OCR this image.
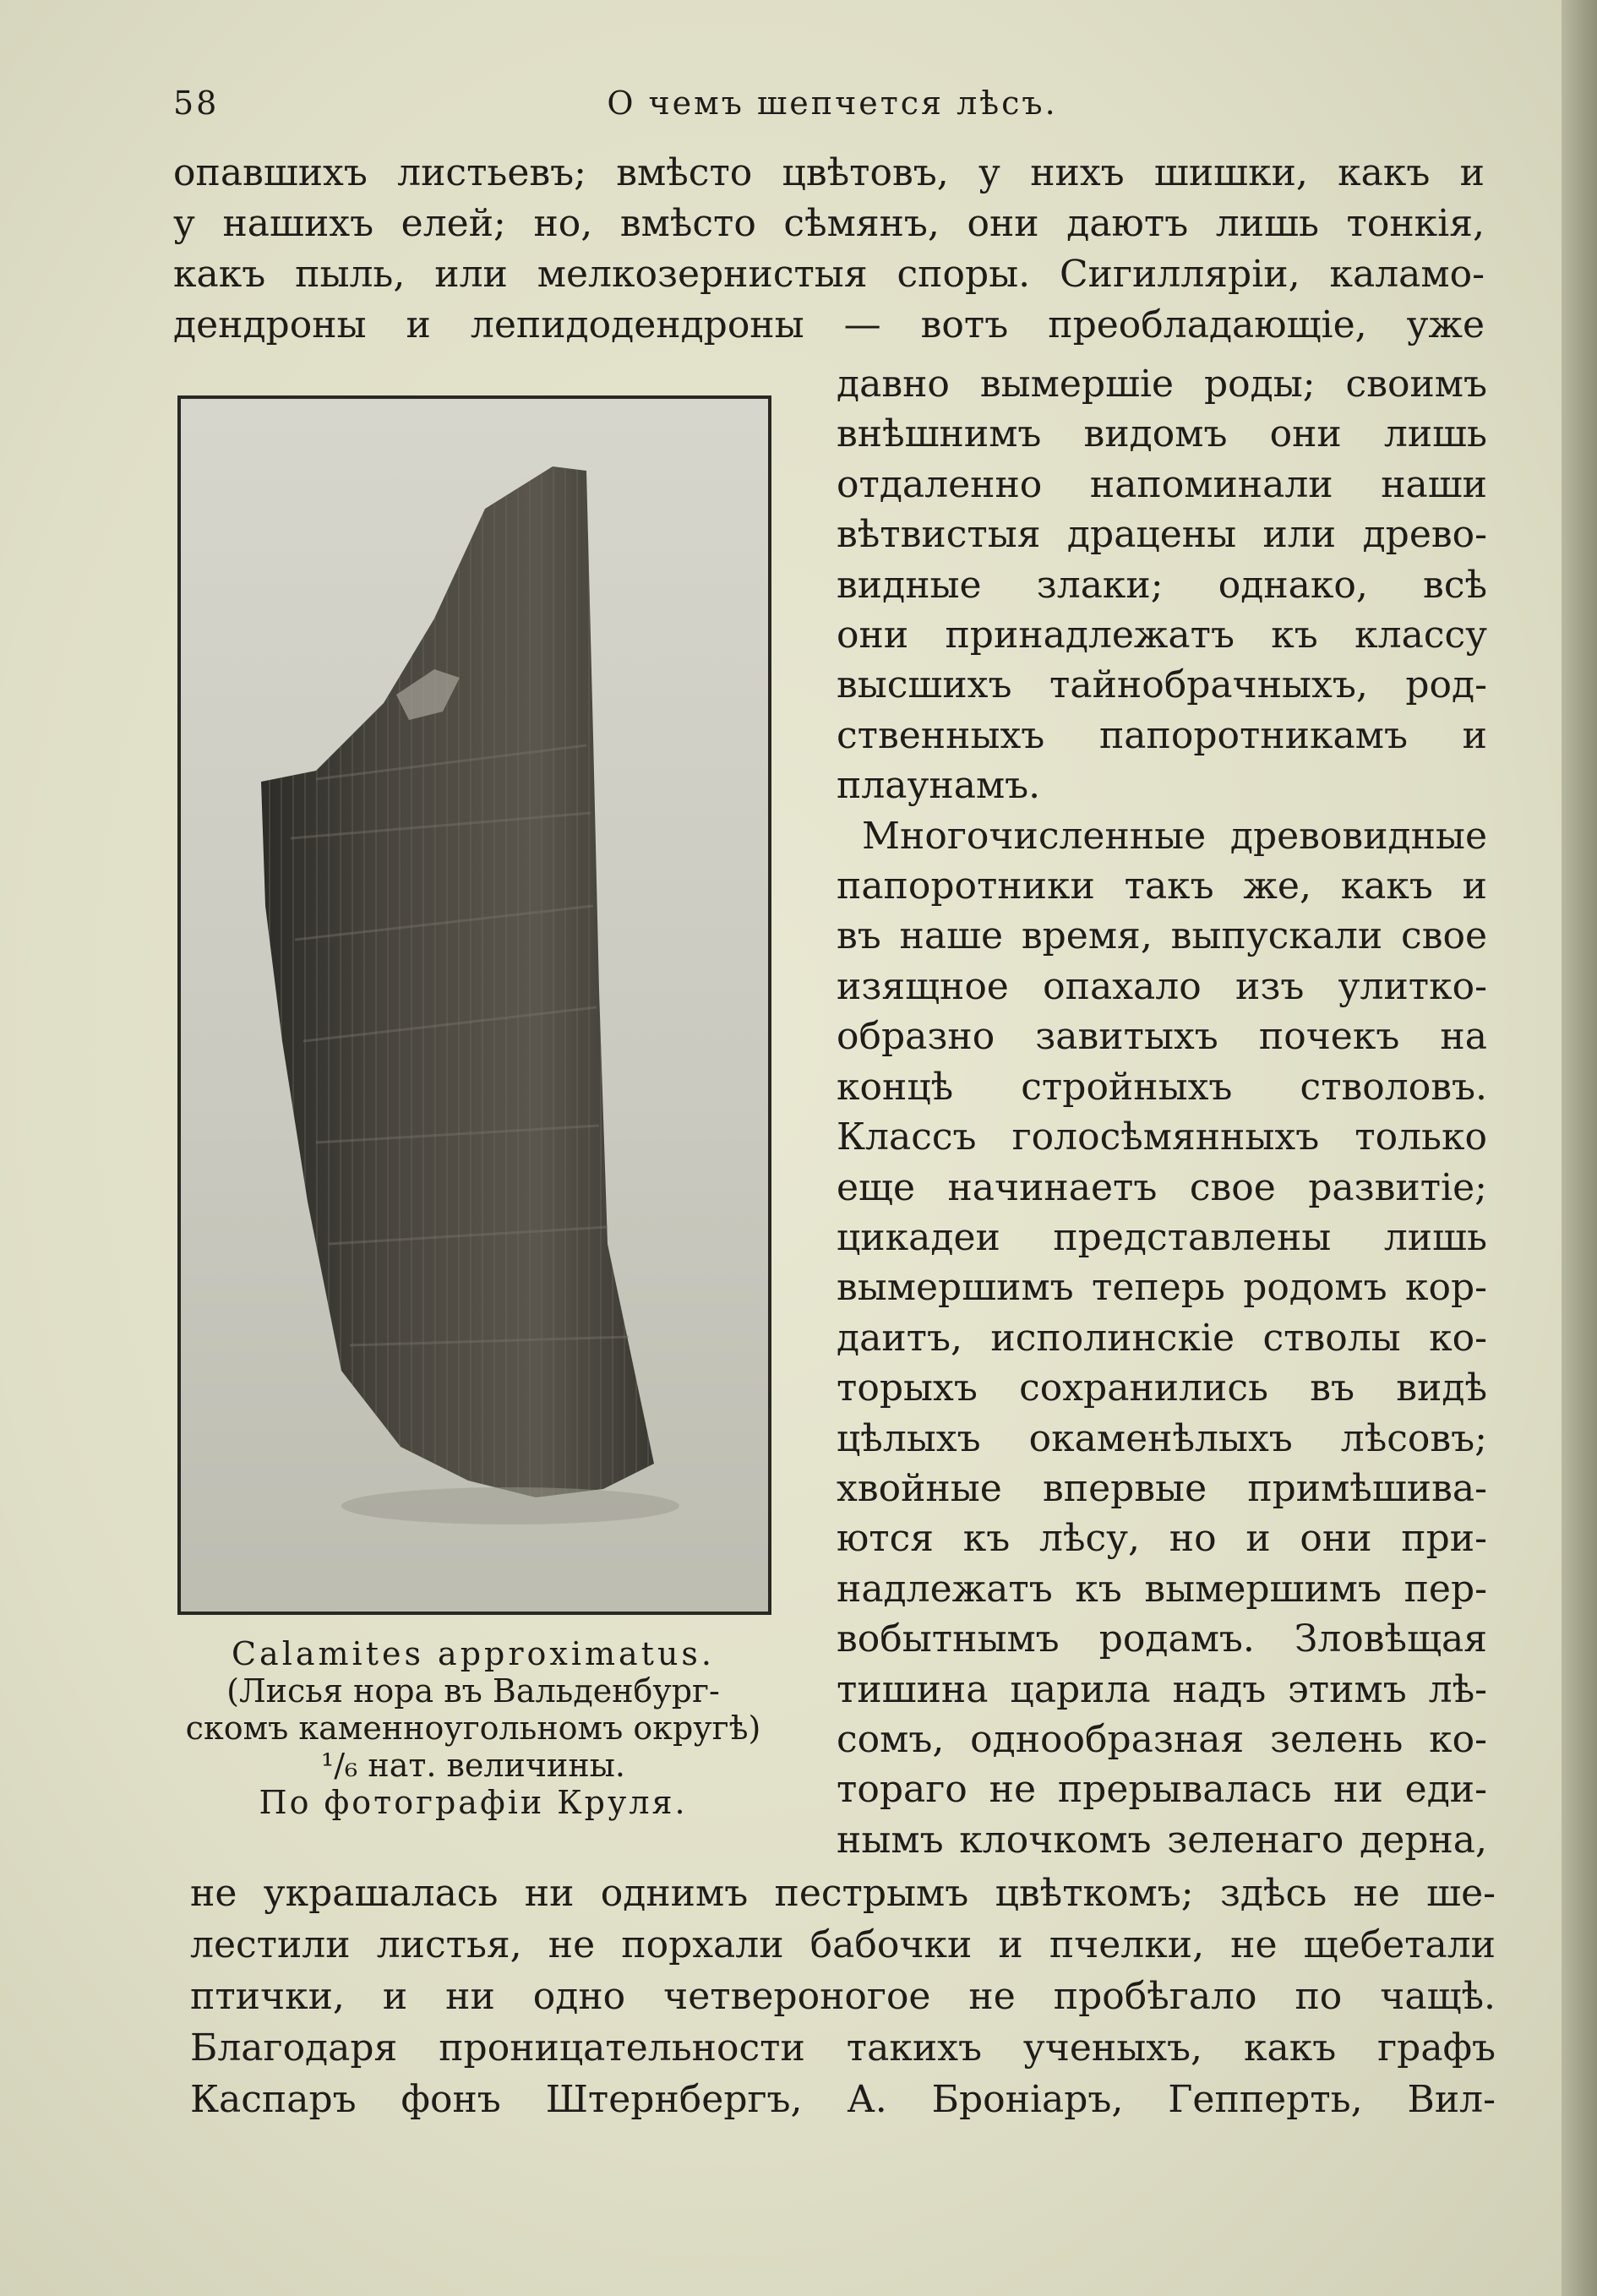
58	О чемъ шепчется лѣсъ.
опавшихъ листьевъ; вмѣсто цвѣтовъ, у нихъ шишки, какъ и
у нашихъ елей; но, вмѣсто сѣмянъ, они даютъ лишь тонкія,
какъ пыль, или мелкозернистыя споры. Сигилляріи, каламо-
дендроны и лепидодендроны — вотъ преобладающіе, уже
Calamites approximatus.
(Лисья нора въ Вальденбург-
скомъ каменноугольномъ округѣ)
¹/₆ нат. величины.
По фотографіи Круля.
давно вымершіе роды; своимъ
внѣшнимъ видомъ они лишь
отдаленно напоминали наши
вѣтвистыя драцены или древо-
видные злаки; однако, всѣ
они принадлежатъ къ классу
высшихъ тайнобрачныхъ, род-
ственныхъ папоротникамъ и
плаунамъ.
Многочисленные древовидные
папоротники такъ же, какъ и
въ наше время, выпускали свое
изящное опахало изъ улитко-
образно завитыхъ почекъ на
концѣ стройныхъ стволовъ.
Классъ голосѣмянныхъ только
еще начинаетъ свое развитіе;
цикадеи представлены лишь
вымершимъ теперь родомъ кор-
даитъ, исполинскіе стволы ко-
торыхъ сохранились въ видѣ
цѣлыхъ окаменѣлыхъ лѣсовъ;
хвойные впервые примѣшива-
ются къ лѣсу, но и они при-
надлежатъ къ вымершимъ пер-
вобытнымъ родамъ. Зловѣщая
тишина царила надъ этимъ лѣ-
сомъ, однообразная зелень ко-
тораго не прерывалась ни еди-
нымъ клочкомъ зеленаго дерна,
не украшалась ни однимъ пестрымъ цвѣткомъ; здѣсь не ше-
лестили листья, не порхали бабочки и пчелки, не щебетали
птички, и ни одно четвероногое не пробѣгало по чащѣ.
Благодаря проницательности такихъ ученыхъ, какъ графъ
Каспаръ фонъ Штернбергъ, А. Броніаръ, Гепперть, Вил-
